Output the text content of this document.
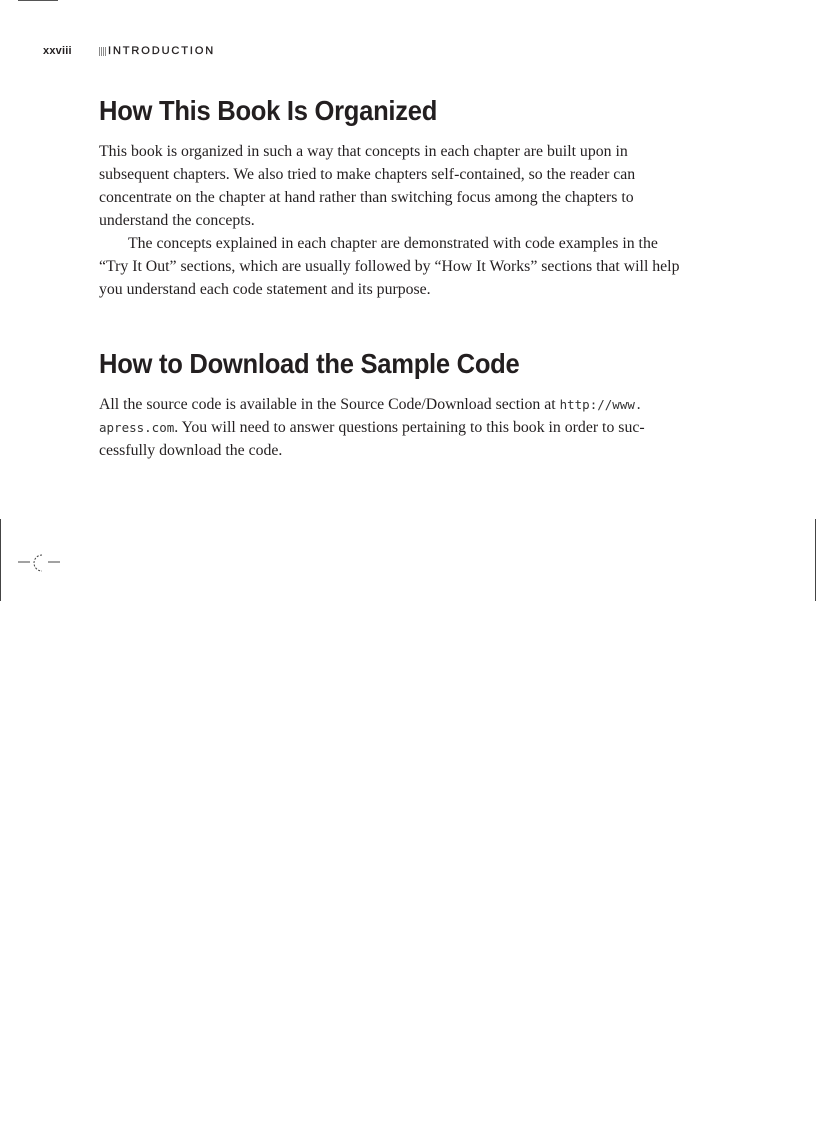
xxviii	INTRODUCTION
How This Book Is Organized

This book is organized in such a way that concepts in each chapter are built upon in

subsequent chapters. We also tried to make chapters self-contained, so the reader can

concentrate on the chapter at hand rather than switching focus among the chapters to

understand the concepts.

The concepts explained in each chapter are demonstrated with code examples in the

“Try It Out” sections, which are usually followed by “How It Works” sections that will help

you understand each code statement and its purpose.

How to Download the Sample Code

All the source code is available in the Source Code/Download section at http://www.

apress.com. You will need to answer questions pertaining to this book in order to suc-

cessfully download the code.
